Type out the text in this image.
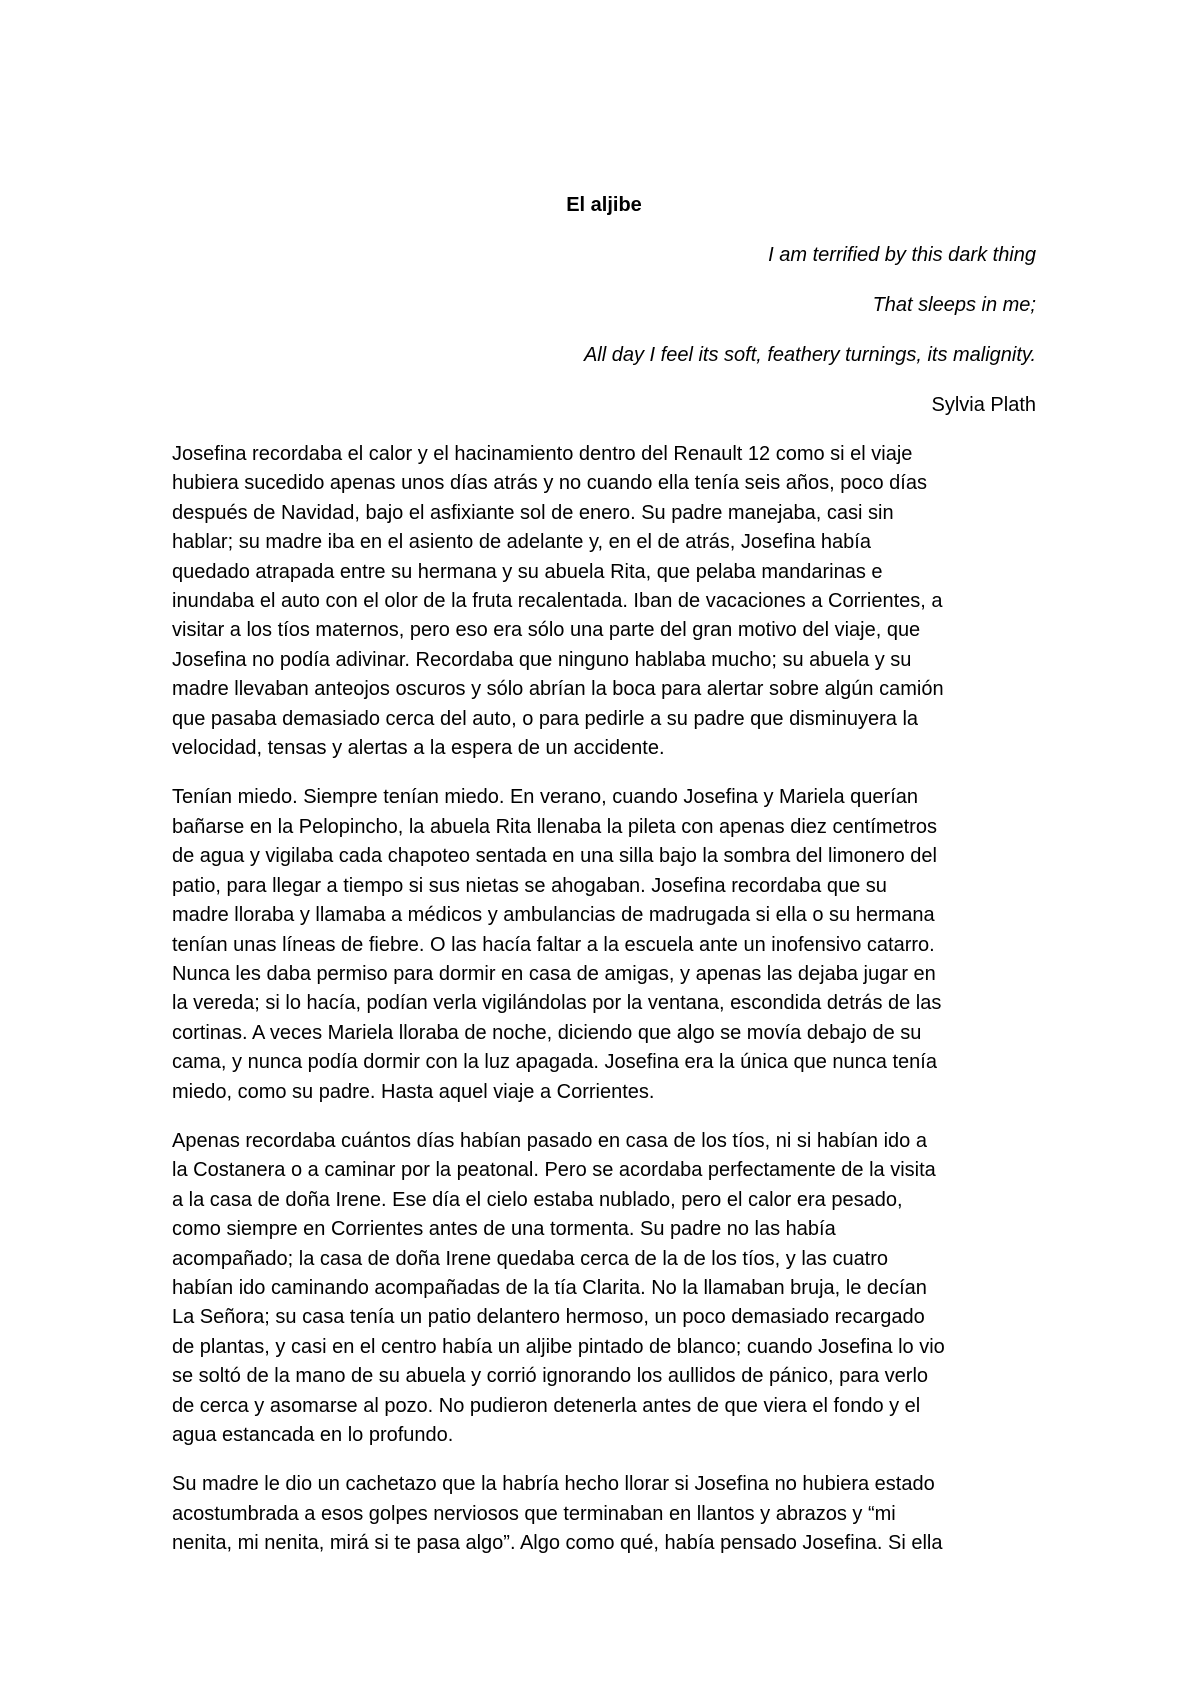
El aljibe
I am terrified by this dark thing
That sleeps in me;
All day I feel its soft, feathery turnings, its malignity.
Sylvia Plath

Josefina recordaba el calor y el hacinamiento dentro del Renault 12 como si el viaje
hubiera sucedido apenas unos días atrás y no cuando ella tenía seis años, poco días
después de Navidad, bajo el asfixiante sol de enero. Su padre manejaba, casi sin
hablar; su madre iba en el asiento de adelante y, en el de atrás, Josefina había
quedado atrapada entre su hermana y su abuela Rita, que pelaba mandarinas e
inundaba el auto con el olor de la fruta recalentada. Iban de vacaciones a Corrientes, a
visitar a los tíos maternos, pero eso era sólo una parte del gran motivo del viaje, que
Josefina no podía adivinar. Recordaba que ninguno hablaba mucho; su abuela y su
madre llevaban anteojos oscuros y sólo abrían la boca para alertar sobre algún camión
que pasaba demasiado cerca del auto, o para pedirle a su padre que disminuyera la
velocidad, tensas y alertas a la espera de un accidente.

Tenían miedo. Siempre tenían miedo. En verano, cuando Josefina y Mariela querían
bañarse en la Pelopincho, la abuela Rita llenaba la pileta con apenas diez centímetros
de agua y vigilaba cada chapoteo sentada en una silla bajo la sombra del limonero del
patio, para llegar a tiempo si sus nietas se ahogaban. Josefina recordaba que su
madre lloraba y llamaba a médicos y ambulancias de madrugada si ella o su hermana
tenían unas líneas de fiebre. O las hacía faltar a la escuela ante un inofensivo catarro.
Nunca les daba permiso para dormir en casa de amigas, y apenas las dejaba jugar en
la vereda; si lo hacía, podían verla vigilándolas por la ventana, escondida detrás de las
cortinas. A veces Mariela lloraba de noche, diciendo que algo se movía debajo de su
cama, y nunca podía dormir con la luz apagada. Josefina era la única que nunca tenía
miedo, como su padre. Hasta aquel viaje a Corrientes.

Apenas recordaba cuántos días habían pasado en casa de los tíos, ni si habían ido a
la Costanera o a caminar por la peatonal. Pero se acordaba perfectamente de la visita
a la casa de doña Irene. Ese día el cielo estaba nublado, pero el calor era pesado,
como siempre en Corrientes antes de una tormenta. Su padre no las había
acompañado; la casa de doña Irene quedaba cerca de la de los tíos, y las cuatro
habían ido caminando acompañadas de la tía Clarita. No la llamaban bruja, le decían
La Señora; su casa tenía un patio delantero hermoso, un poco demasiado recargado
de plantas, y casi en el centro había un aljibe pintado de blanco; cuando Josefina lo vio
se soltó de la mano de su abuela y corrió ignorando los aullidos de pánico, para verlo
de cerca y asomarse al pozo. No pudieron detenerla antes de que viera el fondo y el
agua estancada en lo profundo.

Su madre le dio un cachetazo que la habría hecho llorar si Josefina no hubiera estado
acostumbrada a esos golpes nerviosos que terminaban en llantos y abrazos y “mi
nenita, mi nenita, mirá si te pasa algo”. Algo como qué, había pensado Josefina. Si ella
